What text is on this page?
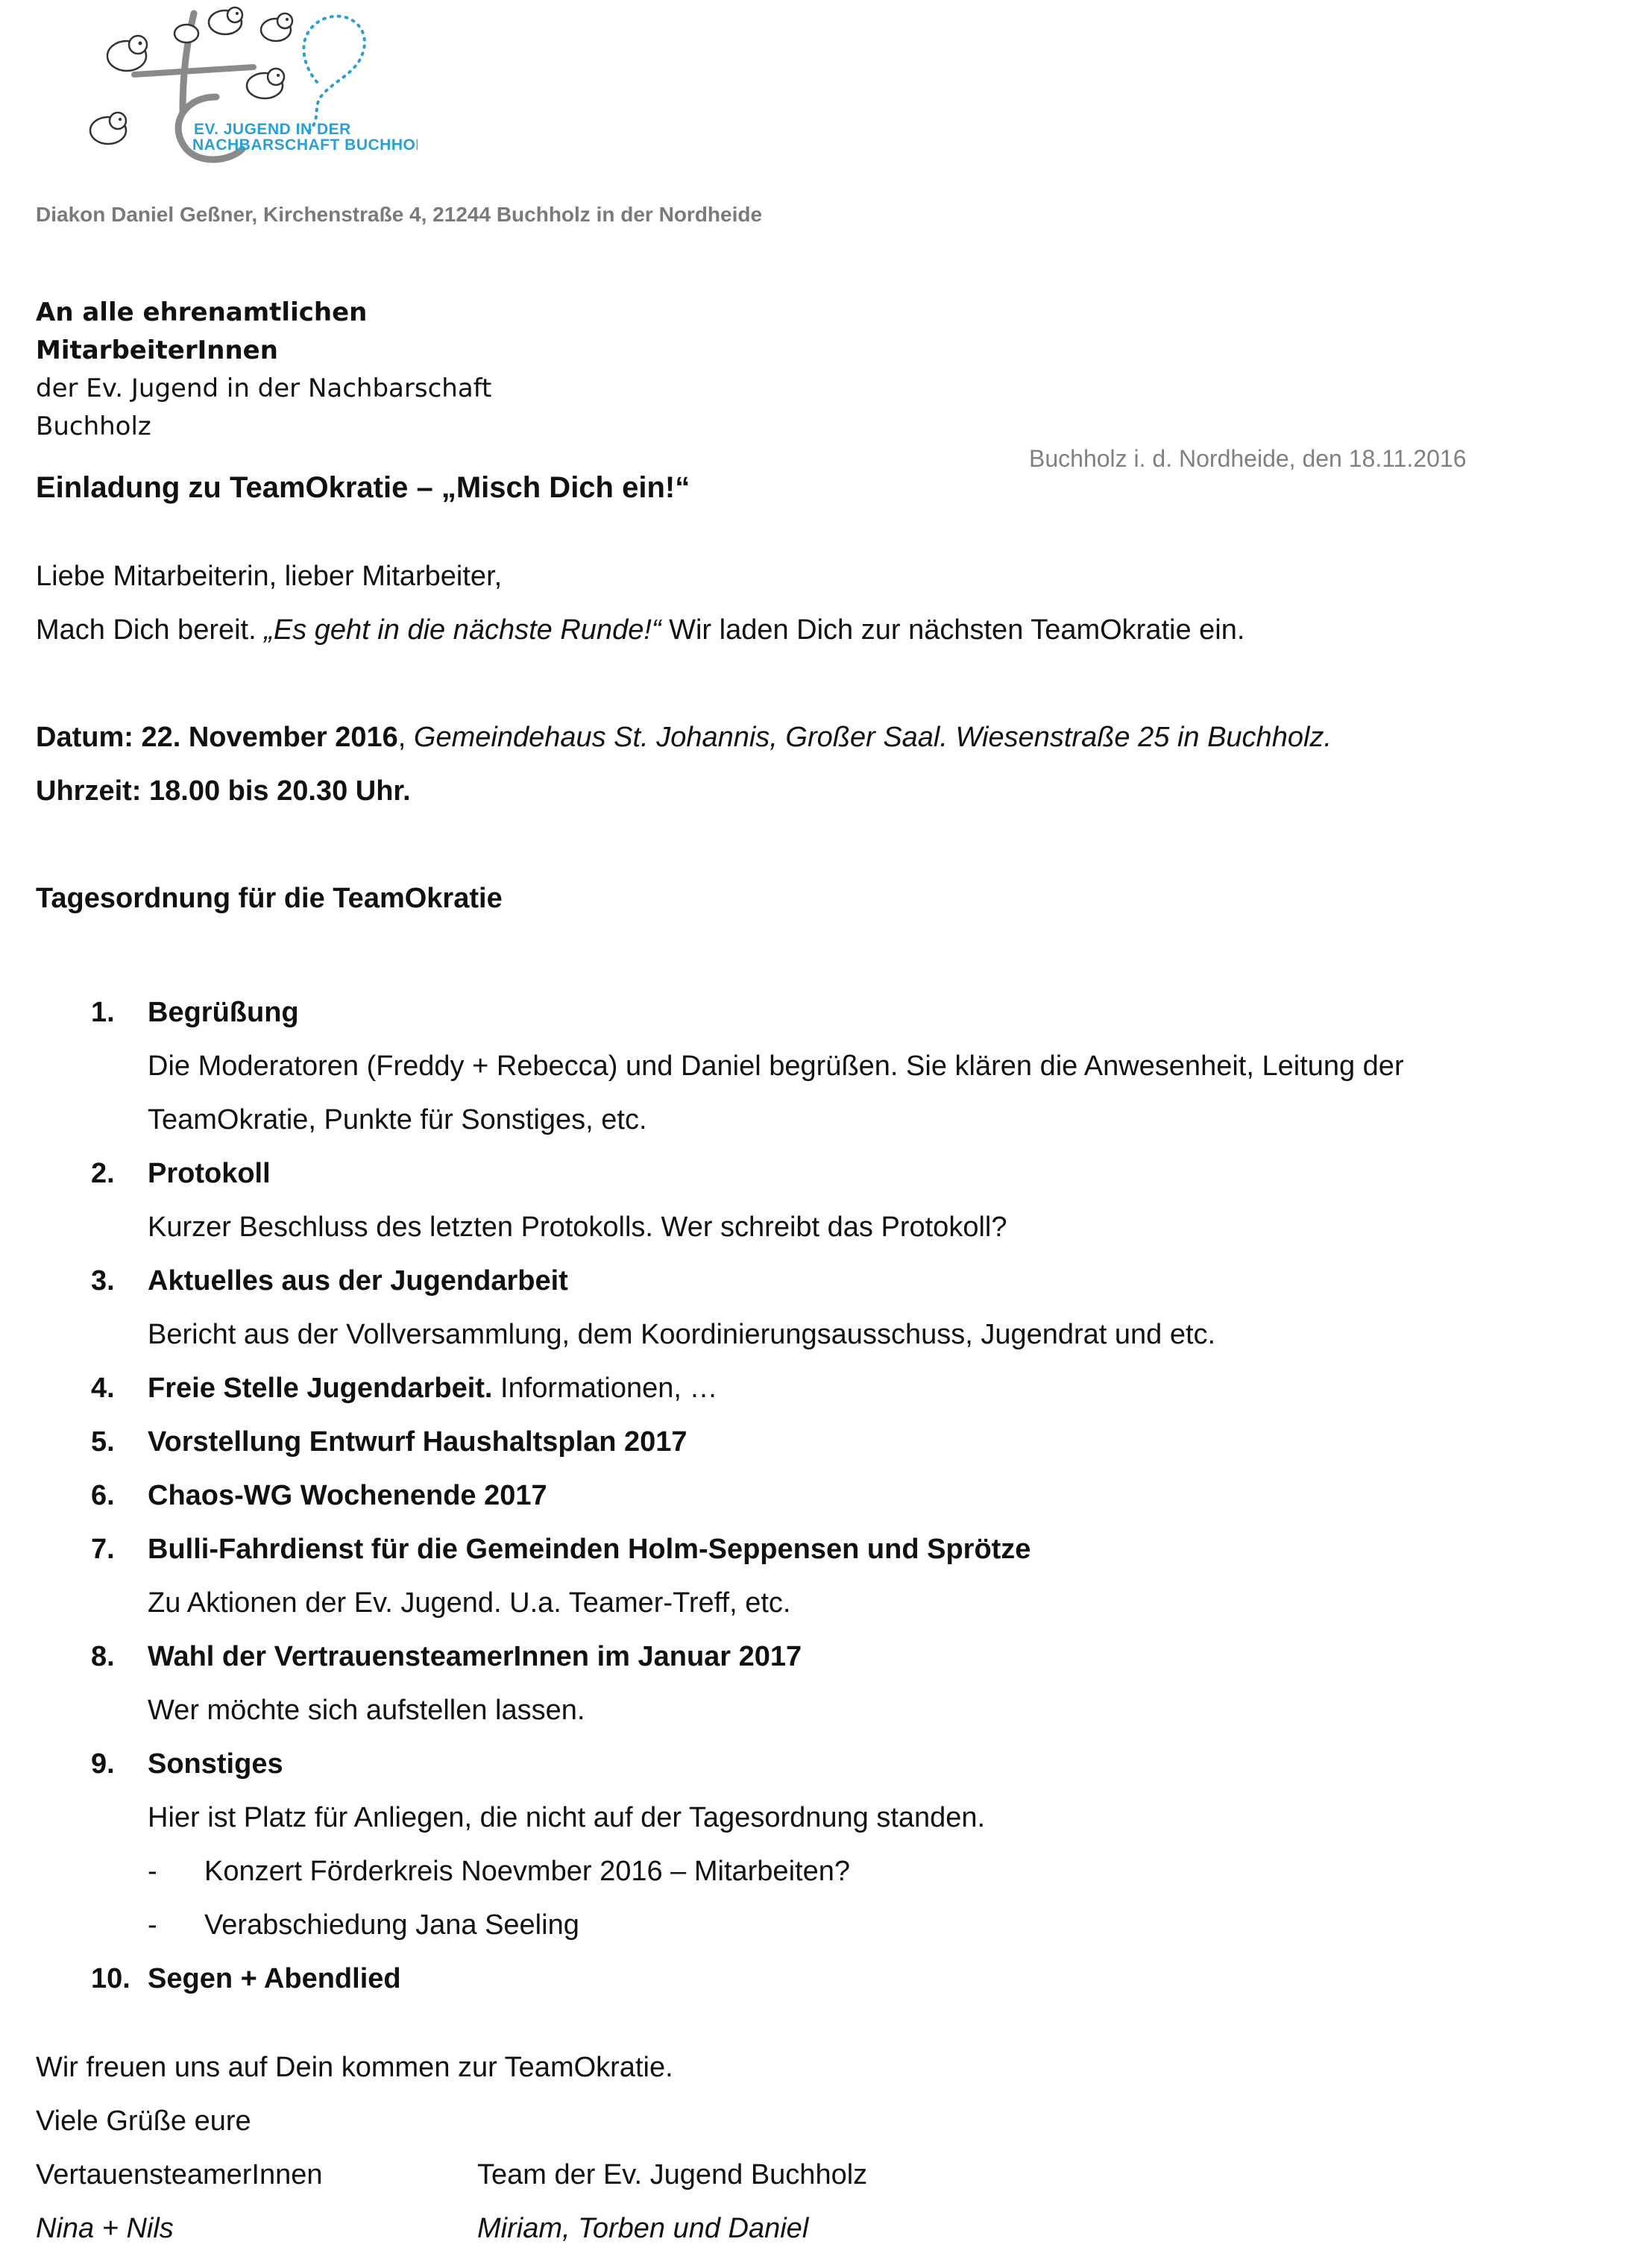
EV. JUGEND IN DER
NACHBARSCHAFT BUCHHOLZ
Diakon Daniel Geßner, Kirchenstraße 4, 21244 Buchholz in der Nordheide
An alle ehrenamtlichen
MitarbeiterInnen
der Ev. Jugend in der Nachbarschaft
Buchholz
Buchholz i. d. Nordheide, den 18.11.2016
Einladung zu TeamOkratie – „Misch Dich ein!“
Liebe Mitarbeiterin, lieber Mitarbeiter,
Mach Dich bereit. „Es geht in die nächste Runde!“ Wir laden Dich zur nächsten TeamOkratie ein.
Datum: 22. November 2016, Gemeindehaus St. Johannis, Großer Saal. Wiesenstraße 25 in Buchholz.
Uhrzeit: 18.00 bis 20.30 Uhr.
Tagesordnung für die TeamOkratie
1. Begrüßung
Die Moderatoren (Freddy + Rebecca) und Daniel begrüßen. Sie klären die Anwesenheit, Leitung der
TeamOkratie, Punkte für Sonstiges, etc.
2. Protokoll
Kurzer Beschluss des letzten Protokolls. Wer schreibt das Protokoll?
3. Aktuelles aus der Jugendarbeit
Bericht aus der Vollversammlung, dem Koordinierungsausschuss, Jugendrat und etc.
4. Freie Stelle Jugendarbeit. Informationen, …
5. Vorstellung Entwurf Haushaltsplan 2017
6. Chaos-WG Wochenende 2017
7. Bulli-Fahrdienst für die Gemeinden Holm-Seppensen und Sprötze
Zu Aktionen der Ev. Jugend. U.a. Teamer-Treff, etc.
8. Wahl der VertrauensteamerInnen im Januar 2017
Wer möchte sich aufstellen lassen.
9. Sonstiges
Hier ist Platz für Anliegen, die nicht auf der Tagesordnung standen.
- Konzert Förderkreis Noevmber 2016 – Mitarbeiten?
- Verabschiedung Jana Seeling
10. Segen + Abendlied
Wir freuen uns auf Dein kommen zur TeamOkratie.
Viele Grüße eure
VertauensteamerInnen
Nina + Nils
Team der Ev. Jugend Buchholz
Miriam, Torben und Daniel
